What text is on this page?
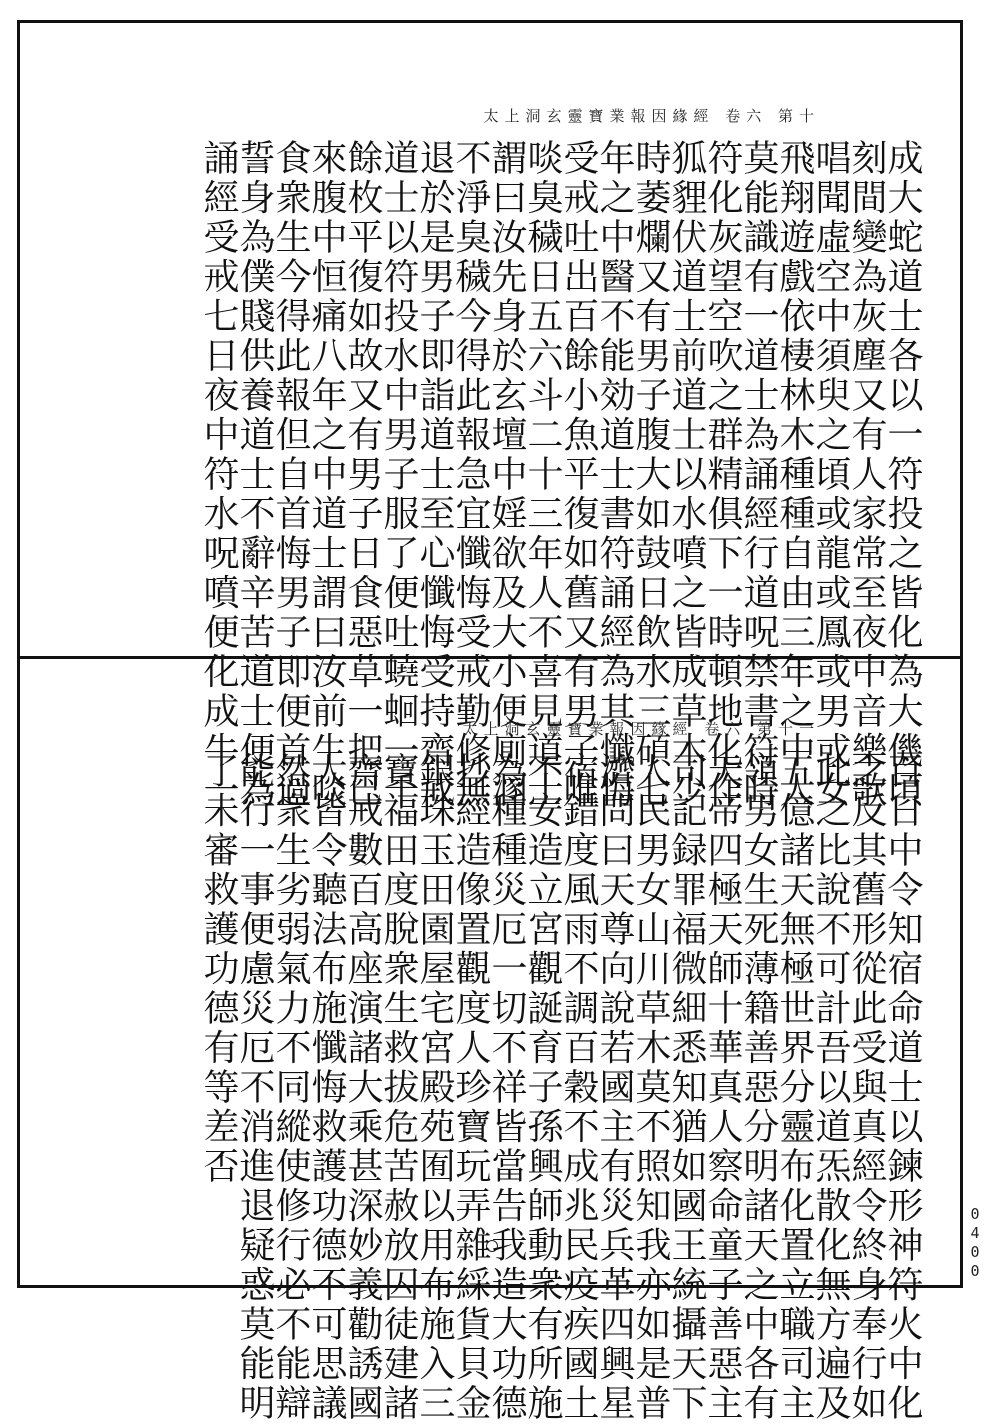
太上洞玄靈寶業報因緣經 卷六 第十
成大蛇道士各以一符投之皆化為大僟頃
刻間變為灰塵又有人家常至夜中音樂歌
唱聞虛空中須臾之頃或龍或鳳或男或女
飛翔遊戲依棲林木種種自由三年之中人
莫能識有一道士為誦經行道呪禁書符時
符化灰望空吹之群精俱下一時頓地化作
狐貍伏道士前道士以水噴之皆成草木少
時萎爛又有男子腹大如鼓日飲水三碩七
年之中醫不能効道士書符誦經為其懺悔
受戒吐出百餘小魚平復如舊又有男子唯
啖臭穢日五六斗二十三年人不喜見道士
謂曰汝先身於玄壇中婬欲及大小便廁溷
不淨臭穢今得此報急宜懺悔受戒勤修無
退於是男子即詣道士至心懺悔受持齋戒
道士以符投水中男子服了便吐蟯蛔一千
餘枚平復如故又有男子日食惡草一把已
來腹中恒痛八年之中道士謂曰汝前生啖
食衆生今得此報但自首悔男子即便首過
誓身為僕賤供養道士不辭辛苦道士便為
誦經受戒七日夜中符水呪噴便化成牛一	太上洞玄靈寶業報因緣經 卷六 第十一
百日中令知宿命道士以鍊形神符火中化
之反其舊形從此受與真經令終身奉行如
此之比說不可計吾以道炁散化無方遍及
五億諸天無極世界分靈布化置立職司主
領男女生死薄籍善惡分明諸天之中各有
天帝四極天師十華真人察命童子善惡主
司記録罪福微細悉知猶如國王統攝天下
人民男女山川草木莫不照知我亦如是普
濟問曰天尊向說若國主有災兵革四興星
宿錯度風雨不調百穀不成兆民疫疾國土
不安造立宮觀誕育子孫興師動衆有所施
為種種災厄一切不祥皆當告我造大功德
抄經造像置觀度人珍寶玩弄雜綵貨貝金
銀珠玉田園屋宅宮殿苑囿以用布施入三
寶福田度脫衆生救拔危苦赦放囚徒建諸
齋戒數百高座演諸大乘甚深妙義勸誘國
人皆令聽法布施懺悔救護功德不可思議
然衆生劣弱氣力不同縱使修行必不能辯
能行一事便慮災厄不消進退疑惑莫能明
了未審救護功德有等差否
0400
